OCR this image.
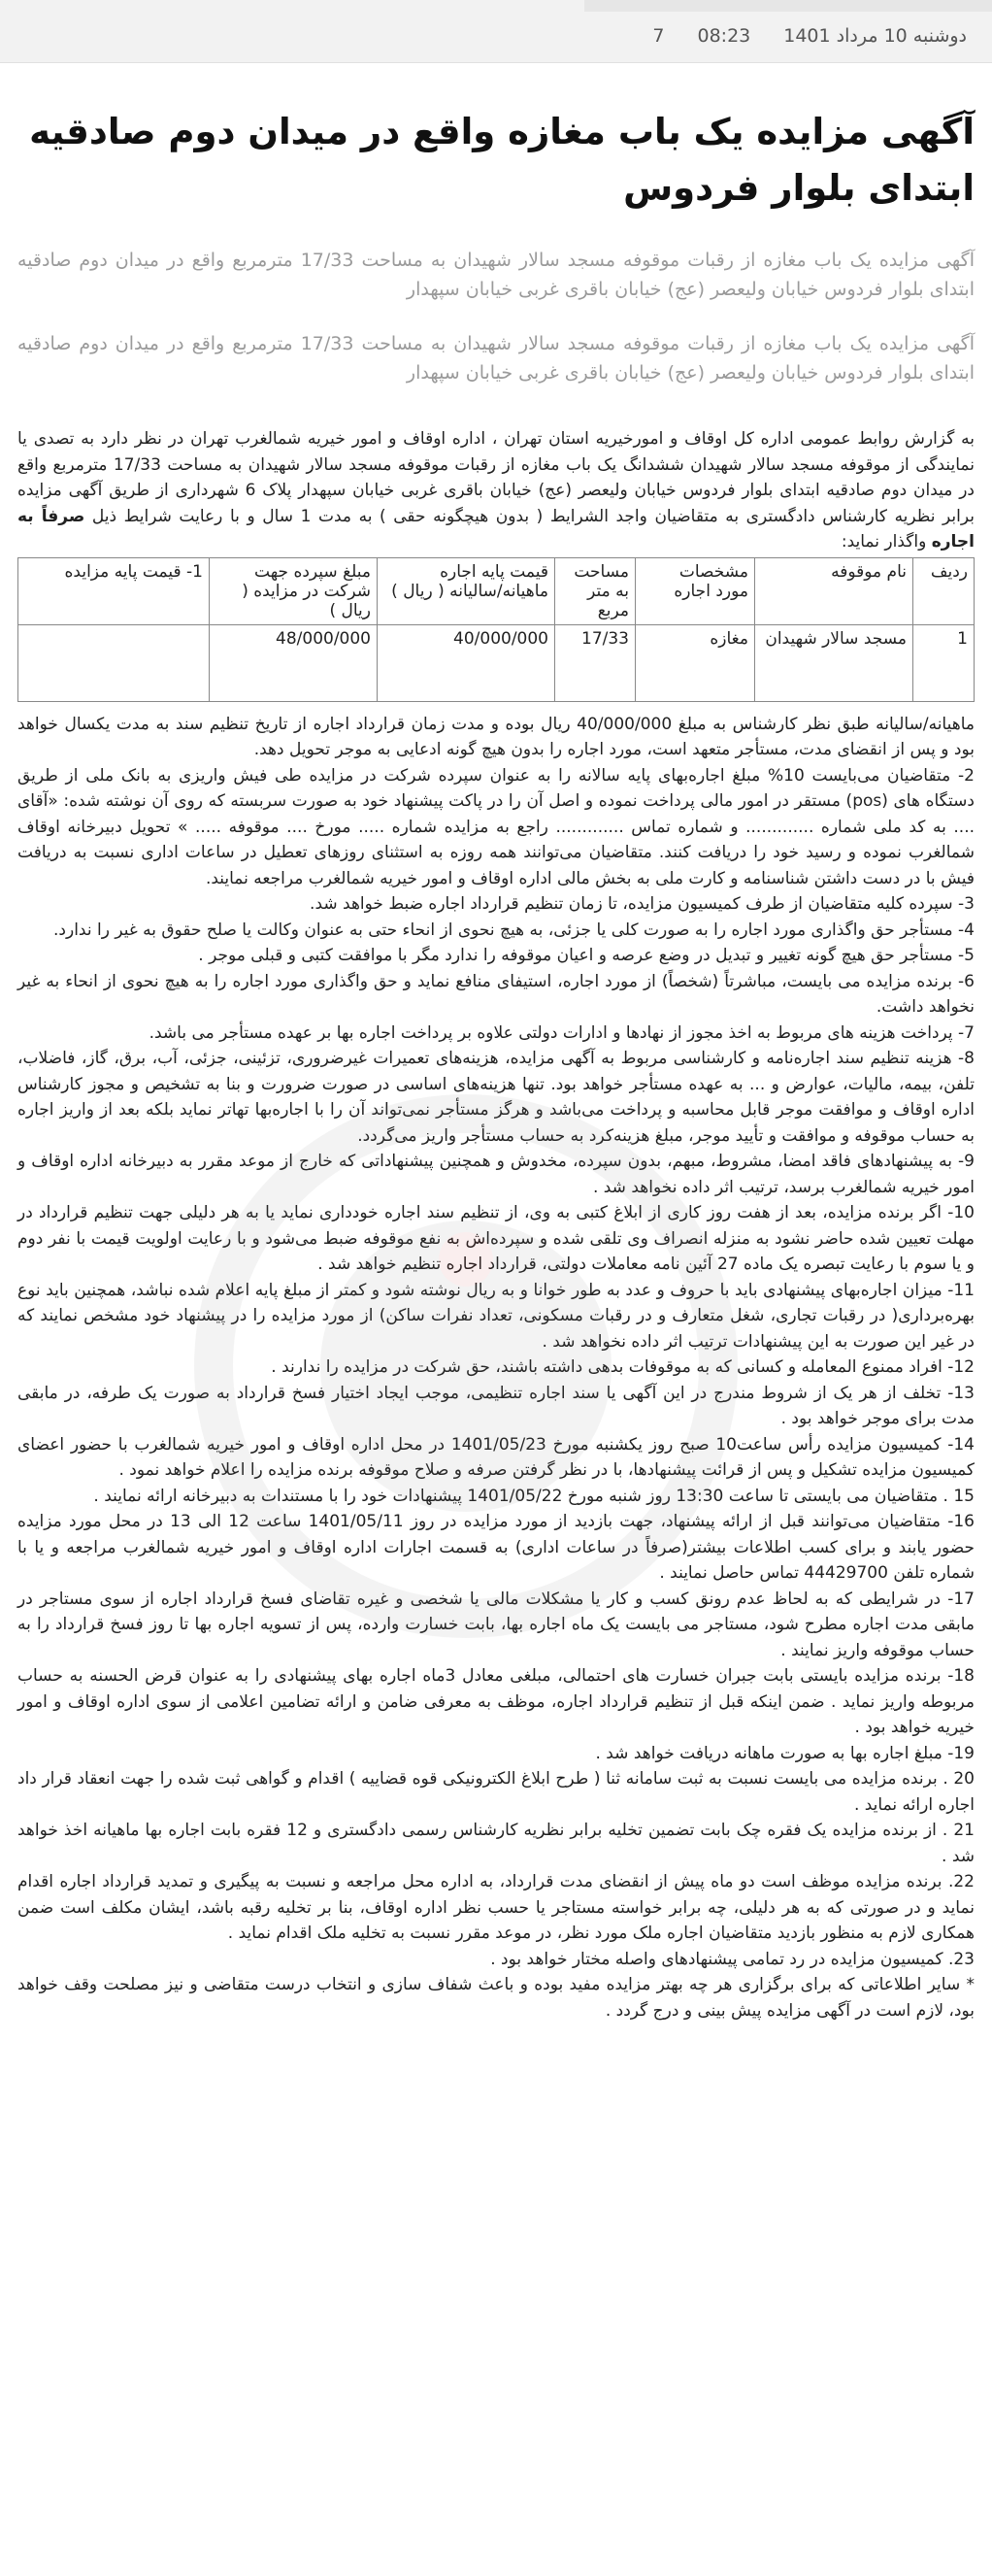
دوشنبه 10 مرداد 1401
08:23
7
آگهی مزایده یک باب مغازه واقع در میدان دوم صادقیه ابتدای بلوار فردوس

آگهی مزایده یک باب مغازه از رقبات موقوفه مسجد سالار شهیدان به مساحت 17/33 مترمربع واقع در میدان دوم صادقیه ابتدای بلوار فردوس خیابان ولیعصر (عج) خیابان باقری غربی خیابان سپهدار

آگهی مزایده یک باب مغازه از رقبات موقوفه مسجد سالار شهیدان به مساحت 17/33 مترمربع واقع در میدان دوم صادقیه ابتدای بلوار فردوس خیابان ولیعصر (عج) خیابان باقری غربی خیابان سپهدار

به گزارش روابط عمومی اداره کل اوقاف و امورخیریه استان تهران ، اداره اوقاف و امور خیریه شمالغرب تهران در نظر دارد به تصدی یا نمایندگی از موقوفه مسجد سالار شهیدان ششدانگ یک باب مغازه از رقبات موقوفه مسجد سالار شهیدان به مساحت 17/33 مترمربع واقع در میدان دوم صادقیه ابتدای بلوار فردوس خیابان ولیعصر (عج) خیابان باقری غربی خیابان سپهدار پلاک 6 شهرداری از طریق آگهی مزایده برابر نظریه کارشناس دادگستری به متقاضیان واجد الشرایط ( بدون هیچگونه حقی ) به مدت 1 سال و با رعایت شرایط ذیل صرفاً به اجاره واگذار نماید:

ردیف	نام موقوفه	مشخصات مورد اجاره	مساحت به متر مربع	قیمت پایه اجاره ماهیانه/سالیانه ( ریال )	مبلغ سپرده جهت شرکت در مزایده ( ریال )	1- قیمت پایه مزایده
1	مسجد سالار شهیدان	مغازه	17/33	40/000/000	48/000/000	

ماهیانه/سالیانه طبق نظر کارشناس به مبلغ 40/000/000 ریال بوده و مدت زمان قرارداد اجاره از تاریخ تنظیم سند به مدت یکسال خواهد بود و پس از انقضای مدت، مستأجر متعهد است، مورد اجاره را بدون هیچ گونه ادعایی به موجر تحویل دهد.

2- متقاضیان می‌بایست 10% مبلغ اجاره‌بهای پایه سالانه را به عنوان سپرده شرکت در مزایده طی فیش واریزی به بانک ملی از طریق دستگاه های (pos) مستقر در امور مالی پرداخت نموده و اصل آن را در پاکت پیشنهاد خود به صورت سربسته که روی آن نوشته شده: «آقای .... به کد ملی شماره ............. و شماره تماس ............. راجع به مزایده شماره ..... مورخ .... موقوفه ..... » تحویل دبیرخانه اوقاف شمالغرب نموده و رسید خود را دریافت کنند. متقاضیان می‌توانند همه روزه به استثنای روزهای تعطیل در ساعات اداری نسبت به دریافت فیش با در دست داشتن شناسنامه و کارت ملی به بخش مالی اداره اوقاف و امور خیریه شمالغرب مراجعه نمایند.

3- سپرده کلیه متقاضیان از طرف کمیسیون مزایده، تا زمان تنظیم قرارداد اجاره ضبط خواهد شد.

4- مستأجر حق واگذاری مورد اجاره را به صورت کلی یا جزئی، به هیچ نحوی از انحاء حتی به عنوان وکالت یا صلح حقوق به غیر را ندارد.

5- مستأجر حق هیچ گونه تغییر و تبدیل در وضع عرصه و اعیان موقوفه را ندارد مگر با موافقت کتبی و قبلی موجر .

6- برنده مزایده می بایست، مباشرتاً (شخصاً) از مورد اجاره، استیفای منافع نماید و حق واگذاری مورد اجاره را به هیچ نحوی از انحاء به غیر نخواهد داشت.

7- پرداخت هزینه های مربوط به اخذ مجوز از نهادها و ادارات دولتی علاوه بر پرداخت اجاره بها بر عهده مستأجر می باشد.

8- هزینه تنظیم سند اجاره‌نامه و کارشناسی مربوط به آگهی مزایده، هزینه‌های تعمیرات غیرضروری، تزئینی، جزئی، آب، برق، گاز، فاضلاب، تلفن، بیمه، مالیات، عوارض و ... به عهده مستأجر خواهد بود. تنها هزینه‌های اساسی در صورت ضرورت و بنا به تشخیص و مجوز کارشناس اداره اوقاف و موافقت موجر قابل محاسبه و پرداخت می‌باشد و هرگز مستأجر نمی‌تواند آن را با اجاره‌بها تهاتر نماید بلکه بعد از واریز اجاره به حساب موقوفه و موافقت و تأیید موجر، مبلغ هزینه‌کرد به حساب مستأجر واریز می‌گردد.

9- به پیشنهادهای فاقد امضا، مشروط، مبهم، بدون سپرده، مخدوش و همچنین پیشنهاداتی که خارج از موعد مقرر به دبیرخانه اداره اوقاف و امور خیریه شمالغرب برسد، ترتیب اثر داده نخواهد شد .

10- اگر برنده مزایده، بعد از هفت روز کاری از ابلاغ کتبی به وی، از تنظیم سند اجاره خودداری نماید یا به هر دلیلی جهت تنظیم قرارداد در مهلت تعیین شده حاضر نشود به منزله انصراف وی تلقی شده و سپرده‌اش به نفع موقوفه ضبط می‌شود و با رعایت اولویت قیمت با نفر دوم و یا سوم با رعایت تبصره یک ماده 27 آئین نامه معاملات دولتی، قرارداد اجاره تنظیم خواهد شد .

11- میزان اجاره‌بهای پیشنهادی باید با حروف و عدد به طور خوانا و به ریال نوشته شود و کمتر از مبلغ پایه اعلام شده نباشد، همچنین باید نوع بهره‌برداری( در رقبات تجاری، شغل متعارف و در رقبات مسکونی، تعداد نفرات ساکن) از مورد مزایده را در پیشنهاد خود مشخص نمایند که در غیر این صورت به این پیشنهادات ترتیب اثر داده نخواهد شد .

12- افراد ممنوع المعامله و کسانی که به موقوفات بدهی داشته باشند، حق شرکت در مزایده را ندارند .

13- تخلف از هر یک از شروط مندرج در این آگهی یا سند اجاره تنظیمی، موجب ایجاد اختیار فسخ قرارداد به صورت یک طرفه، در مابقی مدت برای موجر خواهد بود .

14- کمیسیون مزایده رأس ساعت10 صبح روز یکشنبه مورخ 1401/05/23 در محل اداره اوقاف و امور خیریه شمالغرب با حضور اعضای کمیسیون مزایده تشکیل و پس از قرائت پیشنهادها، با در نظر گرفتن صرفه و صلاح موقوفه برنده مزایده را اعلام خواهد نمود .

15 . متقاضیان می بایستی تا ساعت 13:30 روز شنبه مورخ 1401/05/22 پیشنهادات خود را با مستندات به دبیرخانه ارائه نمایند .

16- متقاضیان می‌توانند قبل از ارائه پیشنهاد، جهت بازدید از مورد مزایده در روز 1401/05/11 ساعت 12 الی 13 در محل مورد مزایده حضور یابند و برای کسب اطلاعات بیشتر(صرفاً در ساعات اداری) به قسمت اجارات اداره اوقاف و امور خیریه شمالغرب مراجعه و یا با شماره تلفن 44429700 تماس حاصل نمایند .

17- در شرایطی که به لحاظ عدم رونق کسب و کار یا مشکلات مالی یا شخصی و غیره تقاضای فسخ قرارداد اجاره از سوی مستاجر در مابقی مدت اجاره مطرح شود، مستاجر می بایست یک ماه اجاره بها، بابت خسارت وارده، پس از تسویه اجاره بها تا روز فسخ قرارداد را به حساب موقوفه واریز نمایند .

18- برنده مزایده بایستی بابت جبران خسارت های احتمالی، مبلغی معادل 3ماه اجاره بهای پیشنهادی را به عنوان قرض الحسنه به حساب مربوطه واریز نماید . ضمن اینکه قبل از تنظیم قرارداد اجاره، موظف به معرفی ضامن و ارائه تضامین اعلامی از سوی اداره اوقاف و امور خیریه خواهد بود .

19- مبلغ اجاره بها به صورت ماهانه دریافت خواهد شد .

20 . برنده مزایده می بایست نسبت به ثبت سامانه ثنا ( طرح ابلاغ الکترونیکی قوه قضاییه ) اقدام و گواهی ثبت شده را جهت انعقاد قرار داد اجاره ارائه نماید .

21 . از برنده مزایده یک فقره چک بابت تضمین تخلیه برابر نظریه کارشناس رسمی دادگستری و 12 فقره بابت اجاره بها ماهیانه اخذ خواهد شد .

22. برنده مزایده موظف است دو ماه پیش از انقضای مدت قرارداد، به اداره محل مراجعه و نسبت به پیگیری و تمدید قرارداد اجاره اقدام نماید و در صورتی که به هر دلیلی، چه برابر خواسته مستاجر یا حسب نظر اداره اوقاف، بنا بر تخلیه رقبه باشد، ایشان مکلف است ضمن همکاری لازم به منظور بازدید متقاضیان اجاره ملک مورد نظر، در موعد مقرر نسبت به تخلیه ملک اقدام نماید .

23. کمیسیون مزایده در رد تمامی پیشنهادهای واصله مختار خواهد بود .

* سایر اطلاعاتی که برای برگزاری هر چه بهتر مزایده مفید بوده و باعث شفاف سازی و انتخاب درست متقاضی و نیز مصلحت وقف خواهد بود، لازم است در آگهی مزایده پیش بینی و درج گردد .
